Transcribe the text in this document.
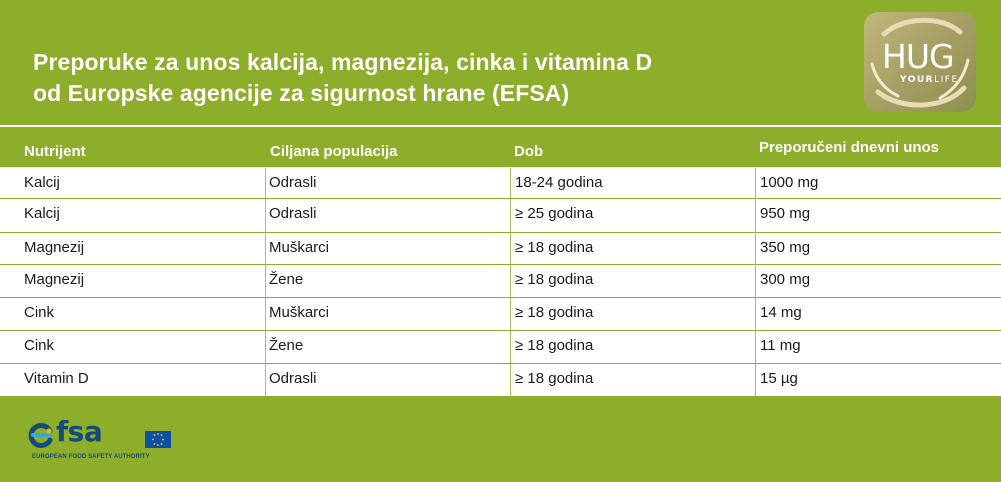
Preporuke za unos kalcija, magnezija, cinka i vitamina D
od Europske agencije za sigurnost hrane (EFSA)
HUG
YOURLIFE
Nutrijent	Ciljana populacija	Dob	Preporučeni dnevni unos
Kalcij	Odrasli	18-24 godina	1000 mg
Kalcij	Odrasli	≥ 25 godina	950 mg
Magnezij	Muškarci	≥ 18 godina	350 mg
Magnezij	Žene	≥ 18 godina	300 mg
Cink	Muškarci	≥ 18 godina	14 mg
Cink	Žene	≥ 18 godina	11 mg
Vitamin D	Odrasli	≥ 18 godina	15 µg
fsa
EUROPEAN FOOD SAFETY AUTHORITY
